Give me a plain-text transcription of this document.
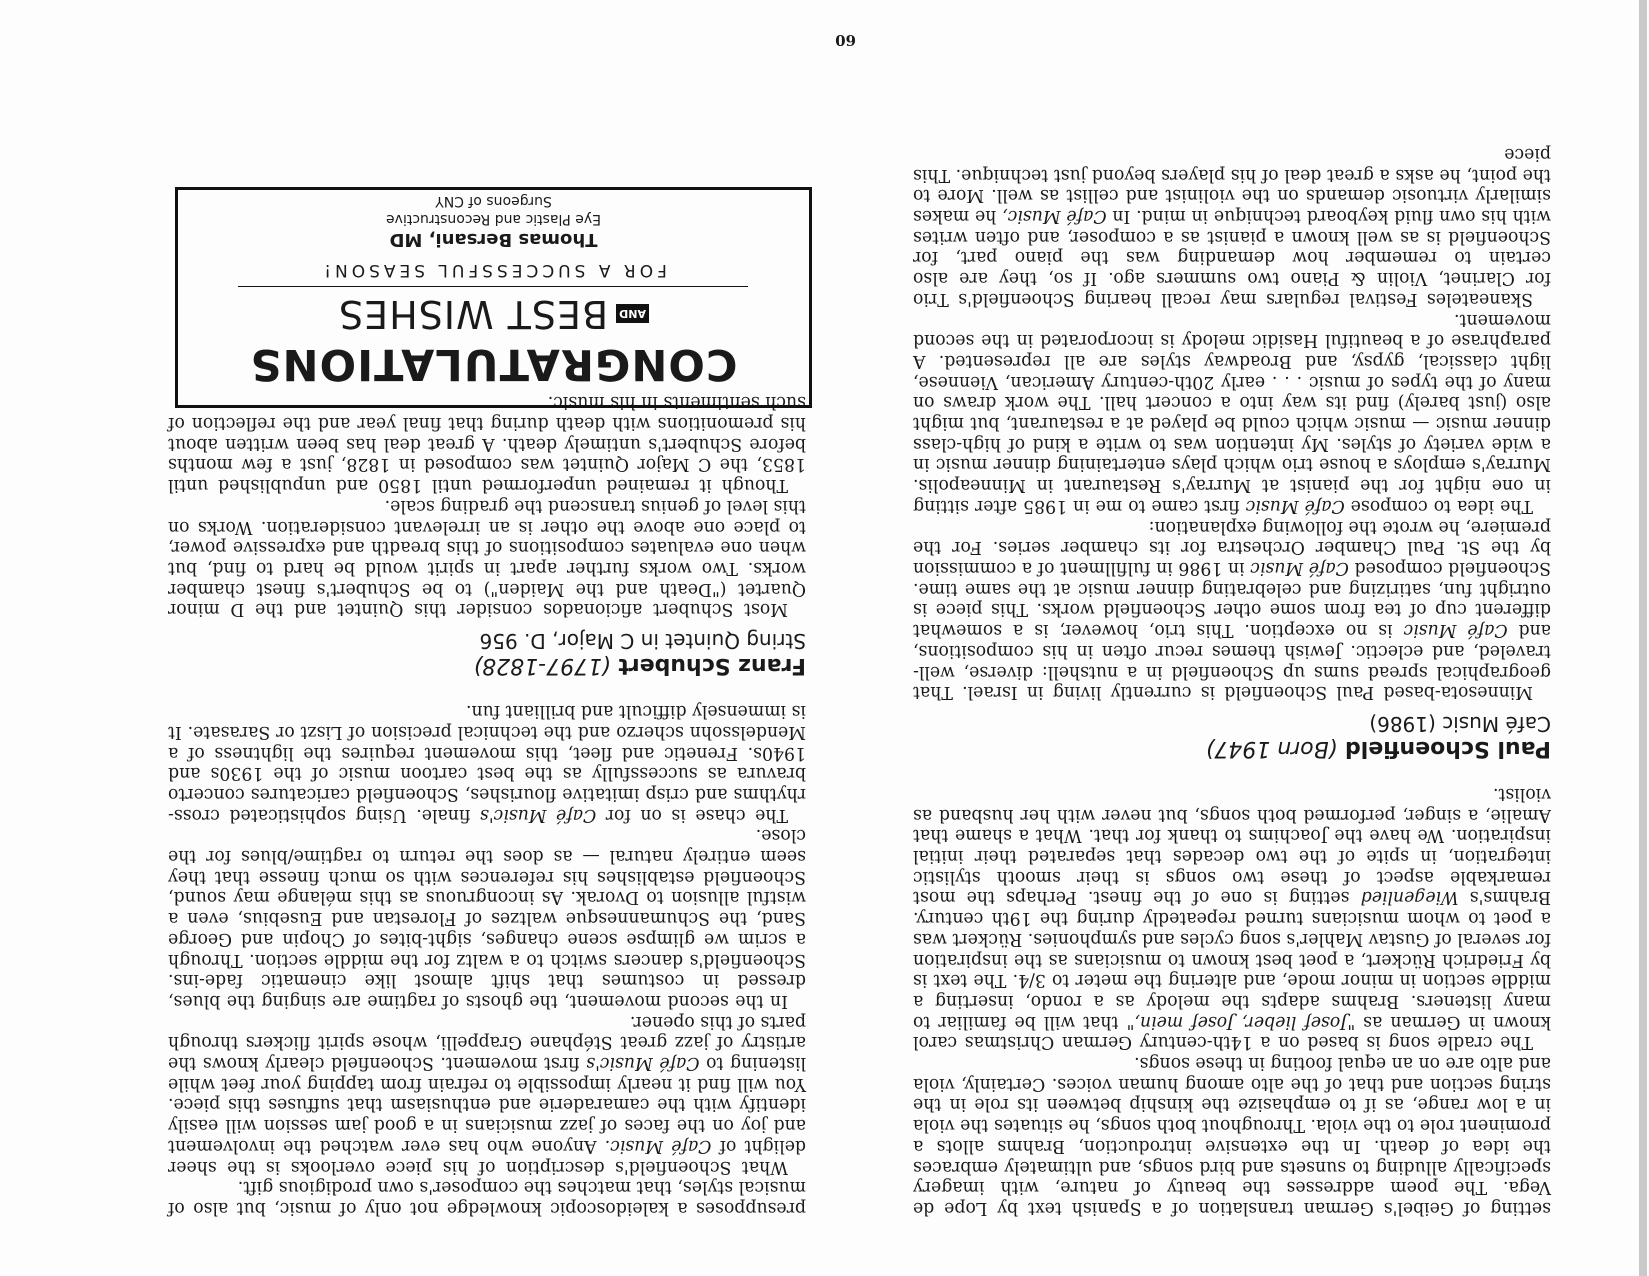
setting of Geibel's German translation of a Spanish text by Lope de Vega. The poem addresses the beauty of nature, with imagery specifically alluding to sunsets and bird songs, and ultimately embraces the idea of death. In the extensive introduction, Brahms allots a prominent role to the viola. Throughout both songs, he situates the viola in a low range, as if to emphasize the kinship between its role in the string section and that of the alto among human voices. Certainly, viola and alto are on an equal footing in these songs.

The cradle song is based on a 14th-century German Christmas carol known in German as "Josef lieber, Josef mein," that will be familiar to many listeners. Brahms adapts the melody as a rondo, inserting a middle section in minor mode, and altering the meter to 3/4. The text is by Friedrich Rückert, a poet best known to musicians as the inspiration for several of Gustav Mahler's song cycles and symphonies. Rückert was a poet to whom musicians turned repeatedly during the 19th century. Brahms's Wiegenlied setting is one of the finest. Perhaps the most remarkable aspect of these two songs is their smooth stylistic integration, in spite of the two decades that separated their initial inspiration. We have the Joachims to thank for that. What a shame that Amalie, a singer, performed both songs, but never with her husband as violist.

Paul Schoenfield (Born 1947)
Café Music (1986)

Minnesota-based Paul Schoenfield is currently living in Israel. That geographical spread sums up Schoenfield in a nutshell: diverse, well-traveled, and eclectic. Jewish themes recur often in his compositions, and Café Music is no exception. This trio, however, is a somewhat different cup of tea from some other Schoenfield works. This piece is outright fun, satirizing and celebrating dinner music at the same time. Schoenfield composed Café Music in 1986 in fulfillment of a commission by the St. Paul Chamber Orchestra for its chamber series. For the premiere, he wrote the following explanation:

The idea to compose Café Music first came to me in 1985 after sitting in one night for the pianist at Murray's Restaurant in Minneapolis. Murray's employs a house trio which plays entertaining dinner music in a wide variety of styles. My intention was to write a kind of high-class dinner music — music which could be played at a restaurant, but might also (just barely) find its way into a concert hall. The work draws on many of the types of music . . . early 20th-century American, Viennese, light classical, gypsy, and Broadway styles are all represented. A paraphrase of a beautiful Hasidic melody is incorporated in the second movement.

Skaneateles Festival regulars may recall hearing Schoenfield's Trio for Clarinet, Violin & Piano two summers ago. If so, they are also certain to remember how demanding was the piano part, for Schoenfield is as well known a pianist as a composer, and often writes with his own fluid keyboard technique in mind. In Café Music, he makes similarly virtuosic demands on the violinist and cellist as well. More to the point, he asks a great deal of his players beyond just technique. This piece

presupposes a kaleidoscopic knowledge not only of music, but also of musical styles, that matches the composer's own prodigious gift.

What Schoenfield's description of his piece overlooks is the sheer delight of Café Music. Anyone who has ever watched the involvement and joy on the faces of jazz musicians in a good jam session will easily identify with the camaraderie and enthusiasm that suffuses this piece. You will find it nearly impossible to refrain from tapping your feet while listening to Café Music's first movement. Schoenfield clearly knows the artistry of jazz great Stéphane Grappelli, whose spirit flickers through parts of this opener.

In the second movement, the ghosts of ragtime are singing the blues, dressed in costumes that shift almost like cinematic fade-ins. Schoenfield's dancers switch to a waltz for the middle section. Through a scrim we glimpse scene changes, sight-bites of Chopin and George Sand, the Schumannesque waltzes of Florestan and Eusebius, even a wistful allusion to Dvorak. As incongruous as this mélange may sound, Schoenfield establishes his references with so much finesse that they seem entirely natural — as does the return to ragtime/blues for the close.

The chase is on for Café Music's finale. Using sophisticated cross-rhythms and crisp imitative flourishes, Schoenfield caricatures concerto bravura as successfully as the best cartoon music of the 1930s and 1940s. Frenetic and fleet, this movement requires the lightness of a Mendelssohn scherzo and the technical precision of Liszt or Sarasate. It is immensely difficult and brilliant fun.

Franz Schubert (1797-1828)
String Quintet in C Major, D. 956

Most Schubert aficionados consider this Quintet and the D minor Quartet ("Death and the Maiden") to be Schubert's finest chamber works. Two works further apart in spirit would be hard to find, but when one evaluates compositions of this breadth and expressive power, to place one above the other is an irrelevant consideration. Works on this level of genius transcend the grading scale.

Though it remained unperformed until 1850 and unpublished until 1853, the C Major Quintet was composed in 1828, just a few months before Schubert's untimely death. A great deal has been written about his premonitions with death during that final year and the reflection of such sentiments in his music.

CONGRATULATIONS
AND
BEST WISHES
FOR A SUCCESSFUL SEASON!
Thomas Bersani, MD
Eye Plastic and Reconstructive
Surgeons of CNY
60
